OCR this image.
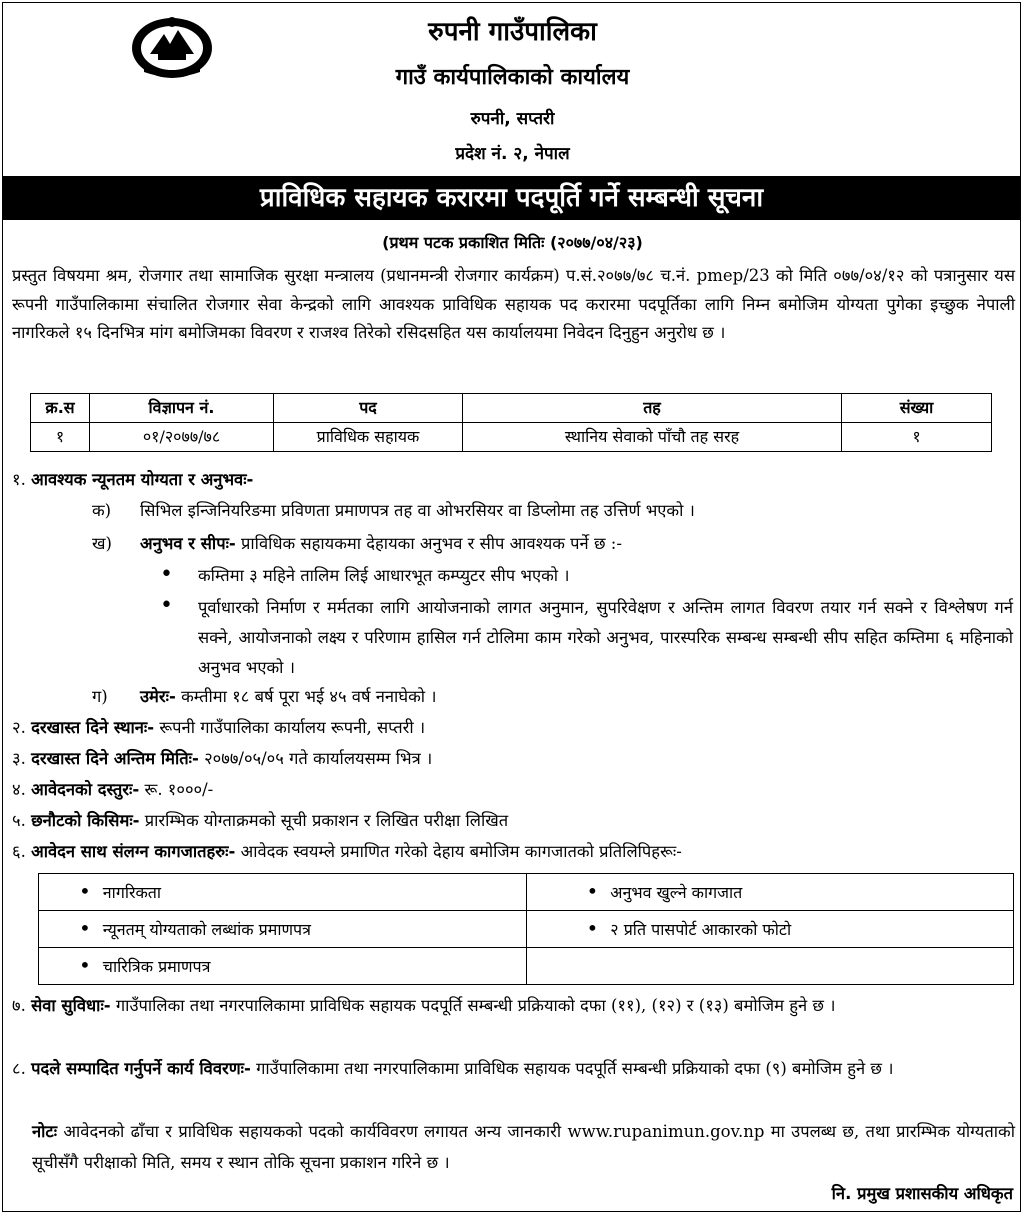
रुपनी गाउँपालिका
गाउँ कार्यपालिकाको कार्यालय
रुपनी, सप्तरी
प्रदेश नं. २, नेपाल
प्राविधिक सहायक करारमा पदपूर्ति गर्ने सम्बन्धी सूचना
(प्रथम पटक प्रकाशित मितिः (२०७७/०४/२३)
प्रस्तुत विषयमा श्रम, रोजगार तथा सामाजिक सुरक्षा मन्त्रालय (प्रधानमन्त्री रोजगार कार्यक्रम) प.सं.२०७७/७८ च.नं. pmep/23 को मिति ०७७/०४/१२ को पत्रानुसार यस रूपनी गाउँपालिकामा संचालित रोजगार सेवा केन्द्रको लागि आवश्यक प्राविधिक सहायक पद करारमा पदपूर्तिका लागि निम्न बमोजिम योग्यता पुगेका इच्छुक नेपाली नागरिकले १५ दिनभित्र मांग बमोजिमका विवरण र राजश्व तिरेको रसिदसहित यस कार्यालयमा निवेदन दिनुहुन अनुरोध छ ।
क्र.स	विज्ञापन नं.	पद	तह	संख्या
१	०१/२०७७/७८	प्राविधिक सहायक	स्थानिय सेवाको पाँचौ तह सरह	१
१. आवश्यक न्यूनतम योग्यता र अनुभवः-
क) सिभिल इन्जिनियरिङमा प्रविणता प्रमाणपत्र तह वा ओभरसियर वा डिप्लोमा तह उत्तिर्ण भएको ।
ख) अनुभव र सीपः- प्राविधिक सहायकमा देहायका अनुभव र सीप आवश्यक पर्ने छ :-
• कम्तिमा ३ महिने तालिम लिई आधारभूत कम्प्युटर सीप भएको ।
• पूर्वाधारको निर्माण र मर्मतका लागि आयोजनाको लागत अनुमान, सुपरिवेक्षण र अन्तिम लागत विवरण तयार गर्न सक्ने र विश्लेषण गर्न सक्ने, आयोजनाको लक्ष्य र परिणाम हासिल गर्न टोलिमा काम गरेको अनुभव, पारस्परिक सम्बन्ध सम्बन्धी सीप सहित कम्तिमा ६ महिनाको अनुभव भएको ।
ग) उमेरः- कम्तीमा १८ बर्ष पूरा भई ४५ वर्ष ननाघेको ।
२. दरखास्त दिने स्थानः- रूपनी गाउँपालिका कार्यालय रूपनी, सप्तरी ।
३. दरखास्त दिने अन्तिम मितिः- २०७७/०५/०५ गते कार्यालयसम्म भित्र ।
४. आवेदनको दस्तुरः- रू. १०००/-
५. छनौटको किसिमः- प्रारम्भिक योग्ताक्रमको सूची प्रकाशन र लिखित परीक्षा लिखित
६. आवेदन साथ संलग्न कागजातहरुः- आवेदक स्वयम्ले प्रमाणित गरेको देहाय बमोजिम कागजातको प्रतिलिपिहरूः-
• नागरिकता	• अनुभव खुल्ने कागजात
• न्यूनतम् योग्यताको लब्धांक प्रमाणपत्र	• २ प्रति पासपोर्ट आकारको फोटो
• चारित्रिक प्रमाणपत्र	
७. सेवा सुविधाः- गाउँपालिका तथा नगरपालिकामा प्राविधिक सहायक पदपूर्ति सम्बन्धी प्रक्रियाको दफा (११), (१२) र (१३) बमोजिम हुने छ ।
८. पदले सम्पादित गर्नुपर्ने कार्य विवरणः- गाउँपालिकामा तथा नगरपालिकामा प्राविधिक सहायक पदपूर्ति सम्बन्धी प्रक्रियाको दफा (९) बमोजिम हुने छ ।
नोटः आवेदनको ढाँचा र प्राविधिक सहायकको पदको कार्यविवरण लगायत अन्य जानकारी www.rupanimun.gov.np मा उपलब्ध छ, तथा प्रारम्भिक योग्यताको सूचीसँगै परीक्षाको मिति, समय र स्थान तोकि सूचना प्रकाशन गरिने छ ।
नि. प्रमुख प्रशासकीय अधिकृत
